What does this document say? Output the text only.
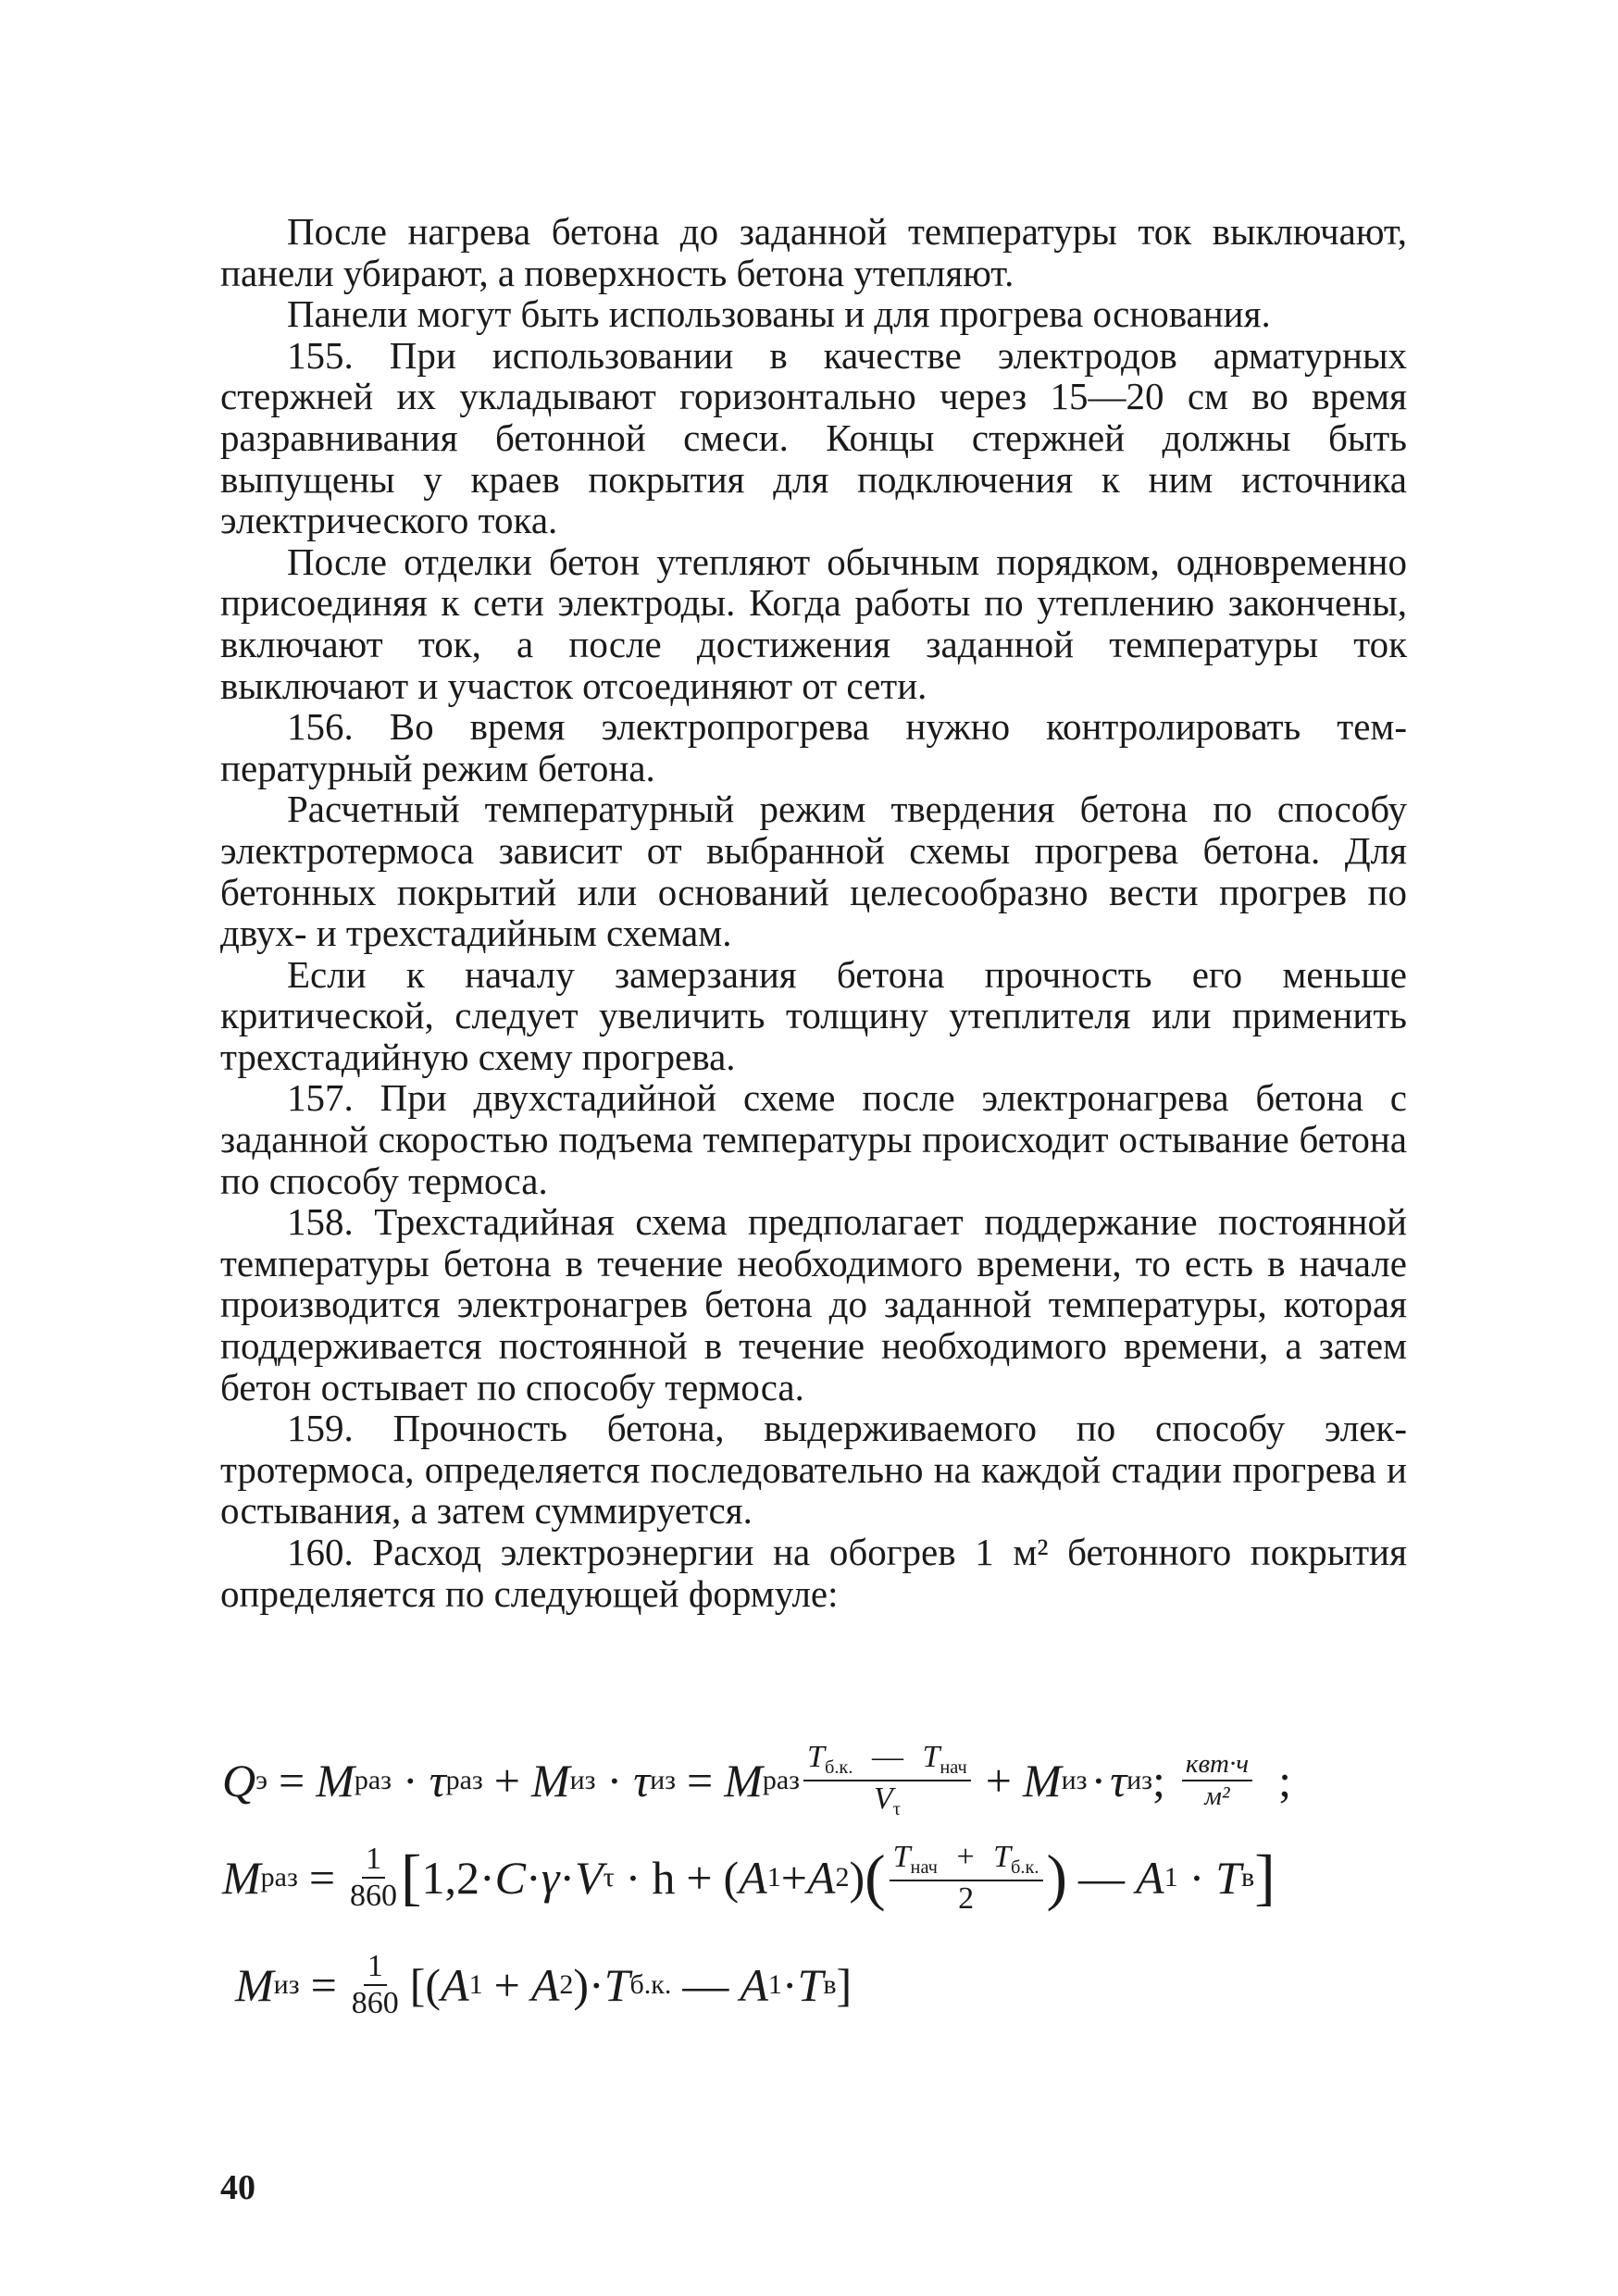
После нагрева бетона до заданной температуры ток выключают, панели убирают, а поверхность бетона утепляют.

Панели могут быть использованы и для прогрева основания.

155. При использовании в качестве электродов арматурных стержней их укладывают горизонтально через 15—20 см во время разравнивания бетонной смеси. Концы стержней должны быть выпущены у краев покрытия для подключения к ним источника электрического тока.

После отделки бетон утепляют обычным порядком, одновременно присоединяя к сети электроды. Когда работы по утеплению закончены, включают ток, а после достижения заданной температуры ток выключают и участок отсоединяют от сети.

156. Во время электропрогрева нужно контролировать температурный режим бетона.

Расчетный температурный режим твердения бетона по способу электротермоса зависит от выбранной схемы прогрева бетона. Для бетонных покрытий или оснований целесообразно вести прогрев по двух- и трехстадийным схемам.

Если к началу замерзания бетона прочность его меньше критической, следует увеличить толщину утеплителя или применить трехстадийную схему прогрева.

157. При двухстадийной схеме после электронагрева бетона с заданной скоростью подъема температуры происходит остывание бетона по способу термоса.

158. Трехстадийная схема предполагает поддержание постоянной температуры бетона в течение необходимого времени, то есть в начале производится электронагрев бетона до заданной температуры, которая поддерживается постоянной в течение необходимого времени, а затем бетон остывает по способу термоса.

159. Прочность бетона, выдерживаемого по способу электротермоса, определяется последовательно на каждой стадии прогрева и остывания, а затем суммируется.

160. Расход электроэнергии на обогрев 1 м² бетонного покрытия определяется по следующей формуле:

Q э = M раз · τ раз + M из · τ из = M раз $\frac{T_{б.к.} — T_{нач}}{V_\tau} + M$ из · τ из ; $\frac{\text{квт·ч}}{\text{м²}}$ ;
M раз = $\frac{1}{860}$ [ 1,2 · C · γ · V τ · h + ( A 1 + A 2 ) ( $\frac{T_{нач} + T_{б.к.}}{2}$ ) — A 1 · T в ]
M из = $\frac{1}{860}$ [( A 1 + A 2 ) · T б.к. — A 1 · T в ]
40
